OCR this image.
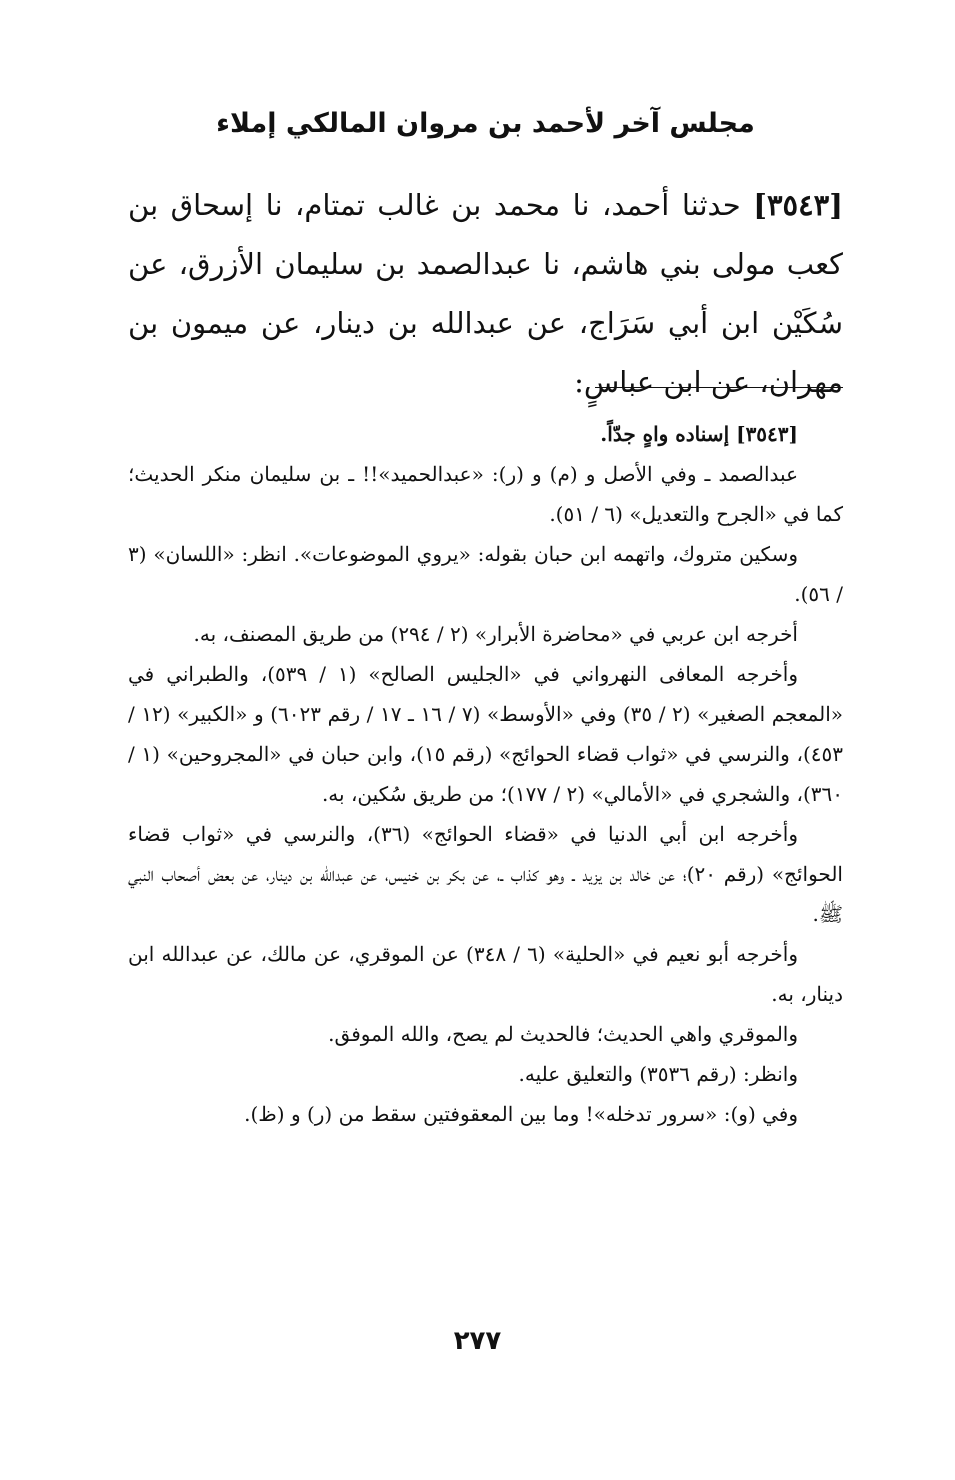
مجلس آخر لأحمد بن مروان المالكي إملاء
[٣٥٤٣] حدثنا أحمد، نا محمد بن غالب تمتام، نا إسحاق بن كعب مولى بني هاشم، نا عبدالصمد بن سليمان الأزرق، عن سُكَيْن ابن أبي سَرَاج، عن عبدالله بن دينار، عن ميمون بن مهران، عن ابن عباسٍ:

[٣٥٤٣] إسناده واهٍ جدّاً.

عبدالصمد ـ وفي الأصل و (م) و (ر): «عبدالحميد»!! ـ بن سليمان منكر الحديث؛ كما في «الجرح والتعديل» (٦ / ٥١).

وسكين متروك، واتهمه ابن حبان بقوله: «يروي الموضوعات». انظر: «اللسان» (٣ / ٥٦).

أخرجه ابن عربي في «محاضرة الأبرار» (٢ / ٢٩٤) من طريق المصنف، به.

وأخرجه المعافى النهرواني في «الجليس الصالح» (١ / ٥٣٩)، والطبراني في «المعجم الصغير» (٢ / ٣٥) وفي «الأوسط» (٧ / ١٦ ـ ١٧ / رقم ٦٠٢٣) و «الكبير» (١٢ / ٤٥٣)، والنرسي في «ثواب قضاء الحوائج» (رقم ١٥)، وابن حبان في «المجروحين» (١ / ٣٦٠)، والشجري في «الأمالي» (٢ / ١٧٧)؛ من طريق سُكين، به.

وأخرجه ابن أبي الدنيا في «قضاء الحوائج» (٣٦)، والنرسي في «ثواب قضاء الحوائج» (رقم ٢٠)؛ عن خالد بن يزيد ـ وهو كذاب ـ، عن بكر بن خنيس، عن عبدالله بن دينار، عن بعض أصحاب النبي ﷺ.

وأخرجه أبو نعيم في «الحلية» (٦ / ٣٤٨) عن الموقري، عن مالك، عن عبدالله ابن دينار، به.

والموقري واهي الحديث؛ فالحديث لم يصح، والله الموفق.

وانظر: (رقم ٣٥٣٦) والتعليق عليه.

وفي (و): «سرور تدخله»! وما بين المعقوفتين سقط من (ر) و (ظ).

٢٧٧
